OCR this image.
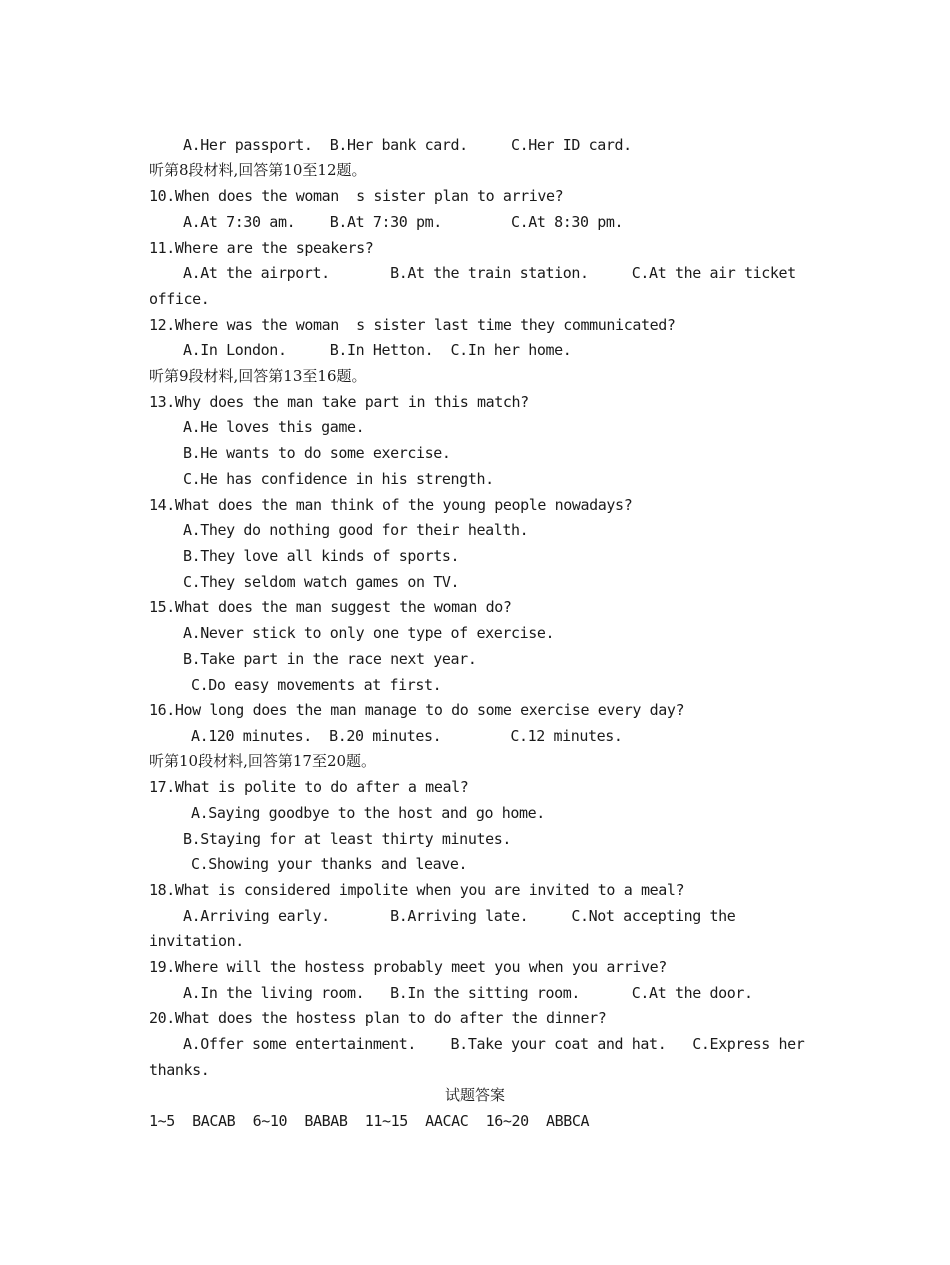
A.Her passport.  B.Her bank card.     C.Her ID card.
听第8段材料,回答第10至12题。
10.When does the woman  s sister plan to arrive?
A.At 7:30 am.    B.At 7:30 pm.        C.At 8:30 pm.
11.Where are the speakers?
A.At the airport.       B.At the train station.     C.At the air ticket
office.
12.Where was the woman  s sister last time they communicated?
A.In London.     B.In Hetton.  C.In her home.
听第9段材料,回答第13至16题。
13.Why does the man take part in this match?
A.He loves this game.
B.He wants to do some exercise.
C.He has confidence in his strength.
14.What does the man think of the young people nowadays?
A.They do nothing good for their health.
B.They love all kinds of sports.
C.They seldom watch games on TV.
15.What does the man suggest the woman do?
A.Never stick to only one type of exercise.
B.Take part in the race next year.
C.Do easy movements at first.
16.How long does the man manage to do some exercise every day?
A.120 minutes.  B.20 minutes.        C.12 minutes.
听第10段材料,回答第17至20题。
17.What is polite to do after a meal?
A.Saying goodbye to the host and go home.
B.Staying for at least thirty minutes.
C.Showing your thanks and leave.
18.What is considered impolite when you are invited to a meal?
A.Arriving early.       B.Arriving late.     C.Not accepting the
invitation.
19.Where will the hostess probably meet you when you arrive?
A.In the living room.   B.In the sitting room.      C.At the door.
20.What does the hostess plan to do after the dinner?
A.Offer some entertainment.    B.Take your coat and hat.   C.Express her
thanks.
试题答案
1~5  BACAB  6~10  BABAB  11~15  AACAC  16~20  ABBCA
